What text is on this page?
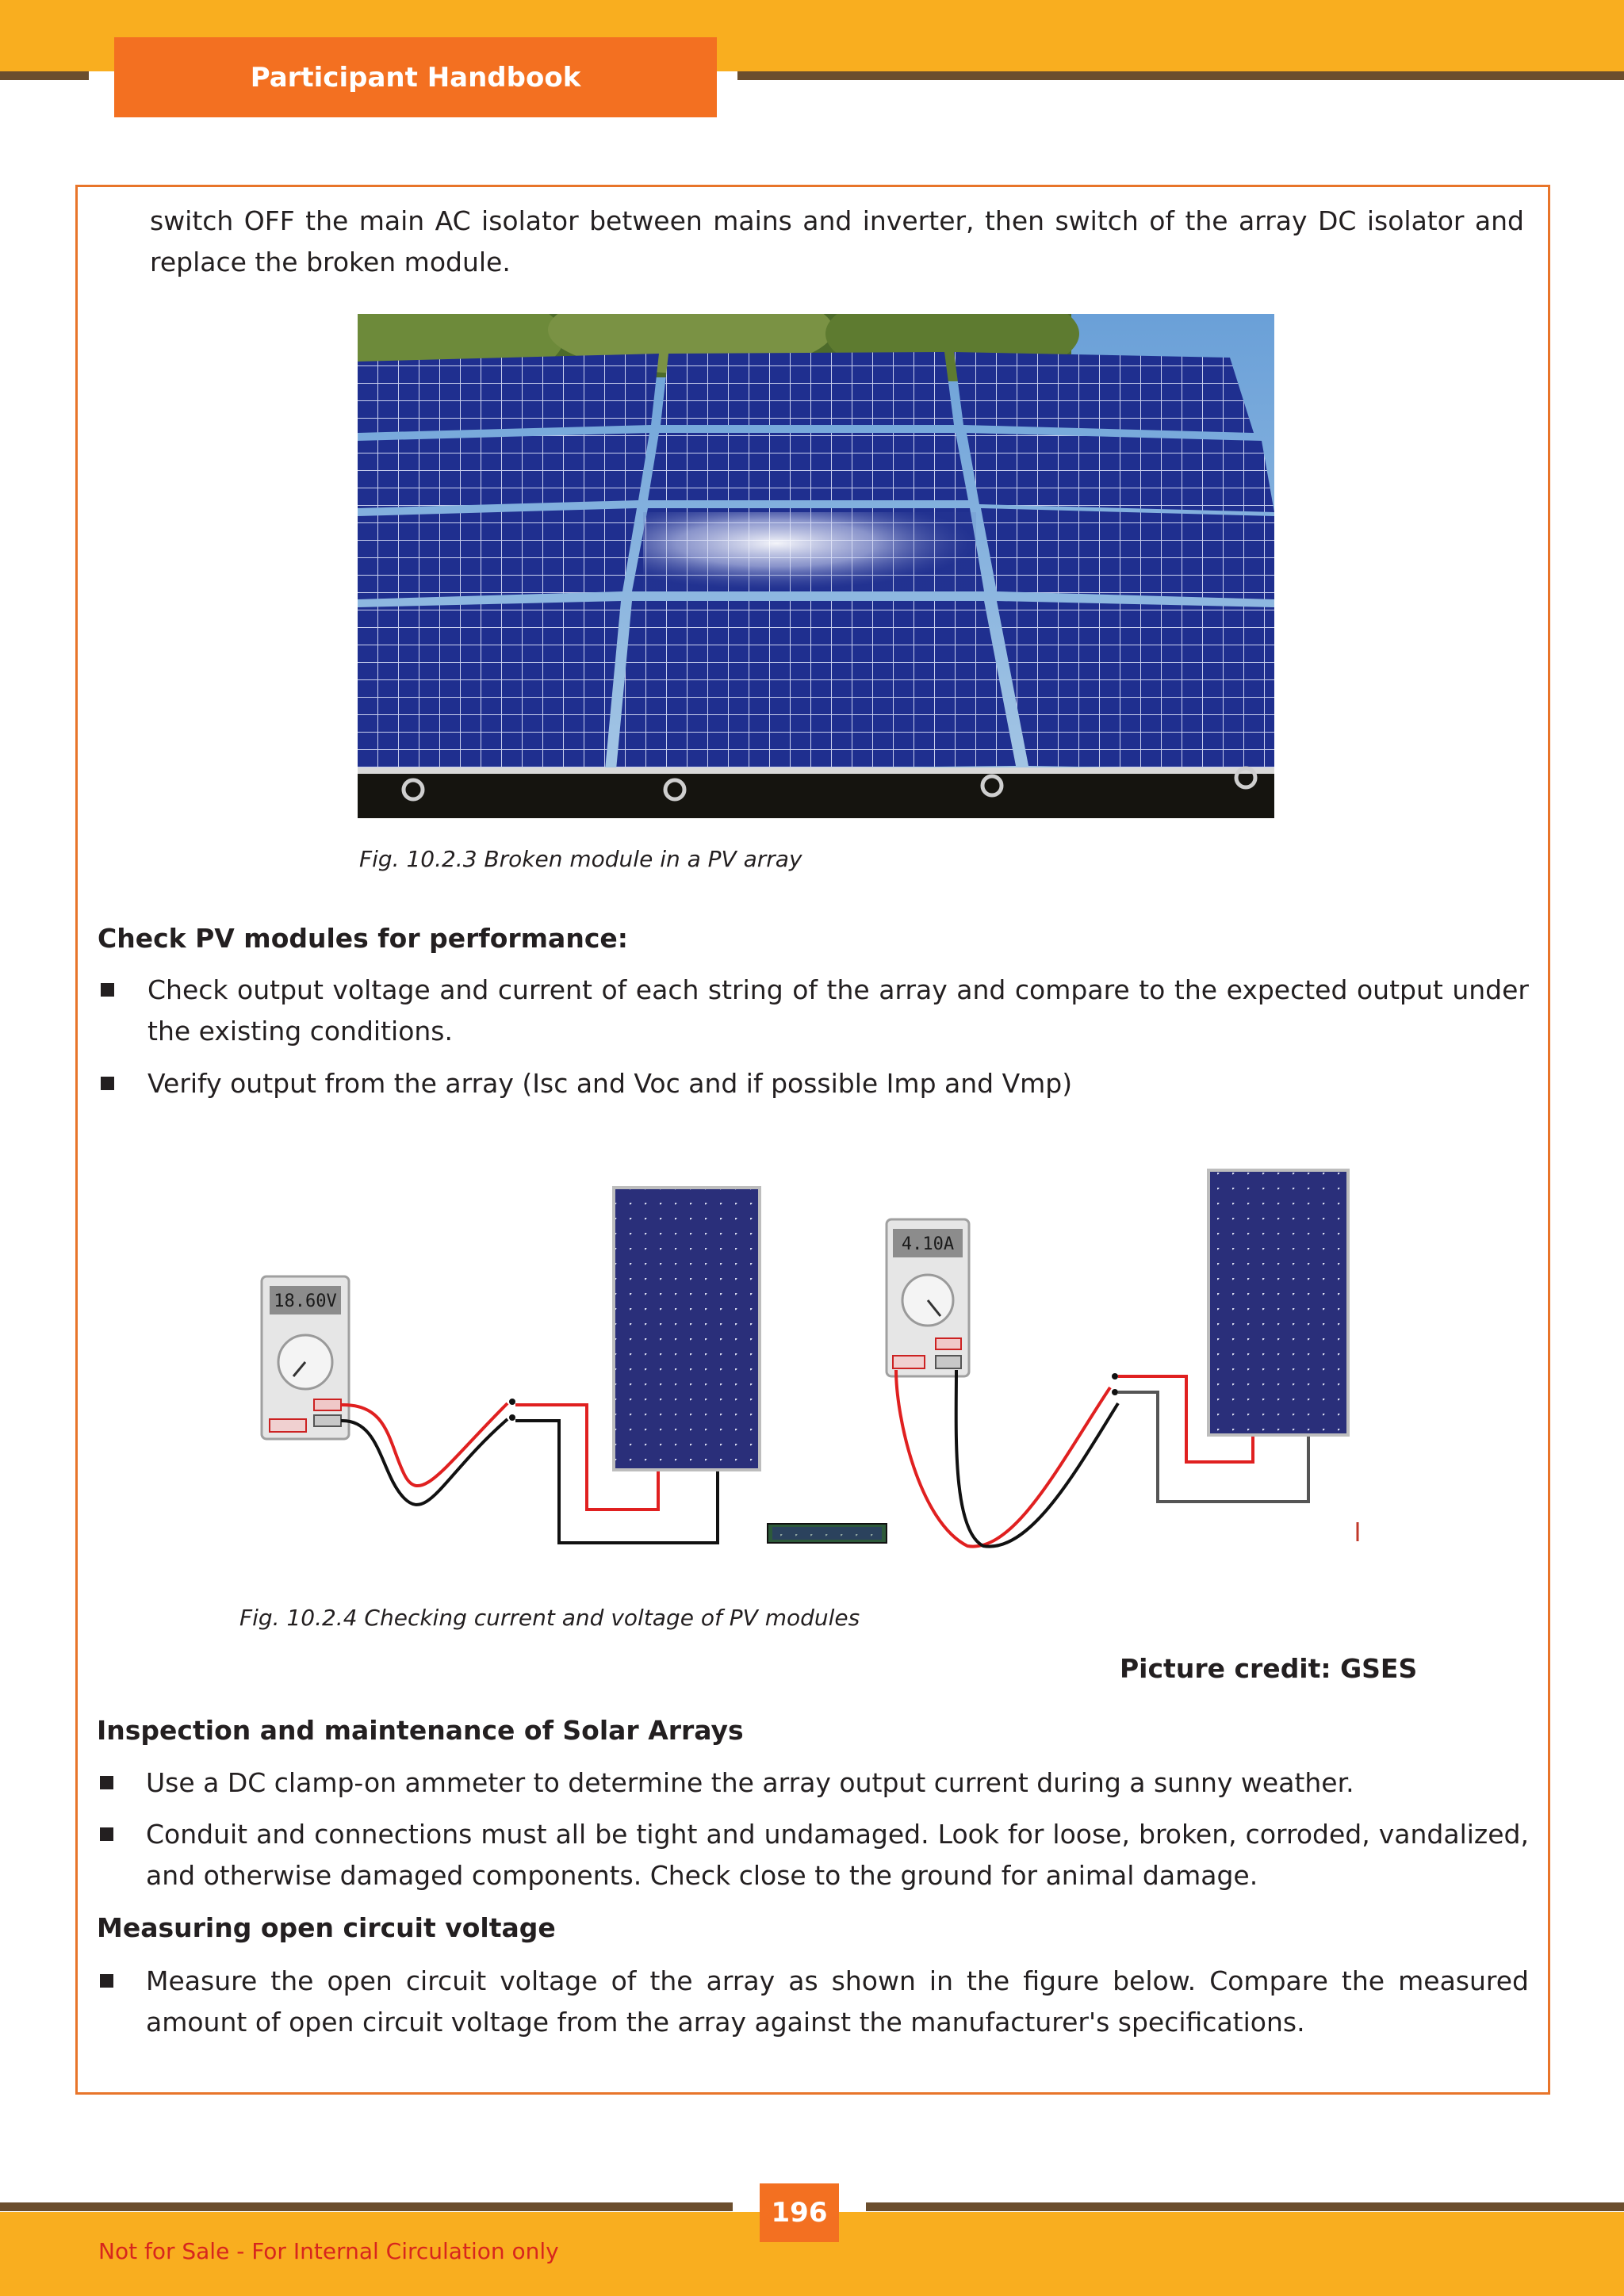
Participant Handbook
switch OFF the main AC isolator between mains and inverter, then switch of the array DC isolator and replace the broken module.
Fig. 10.2.3 Broken module in a PV array
Check PV modules for performance:
Check output voltage and current of each string of the array and compare to the expected output under the existing conditions.
Verify output from the array (Isc and Voc and if possible Imp and Vmp)
18.60V
4.10A
Fig. 10.2.4 Checking current and voltage of PV modules
Picture credit: GSES
Inspection and maintenance of Solar Arrays
Use a DC clamp-on ammeter to determine the array output current during a sunny weather.
Conduit and connections must all be tight and undamaged. Look for loose, broken, corroded, vandalized, and otherwise damaged components. Check close to the ground for animal damage.
Measuring open circuit voltage
Measure the open circuit voltage of the array as shown in the figure below. Compare the measured amount of open circuit voltage from the array against the manufacturer's specifications.
196
Not for Sale - For Internal Circulation only
